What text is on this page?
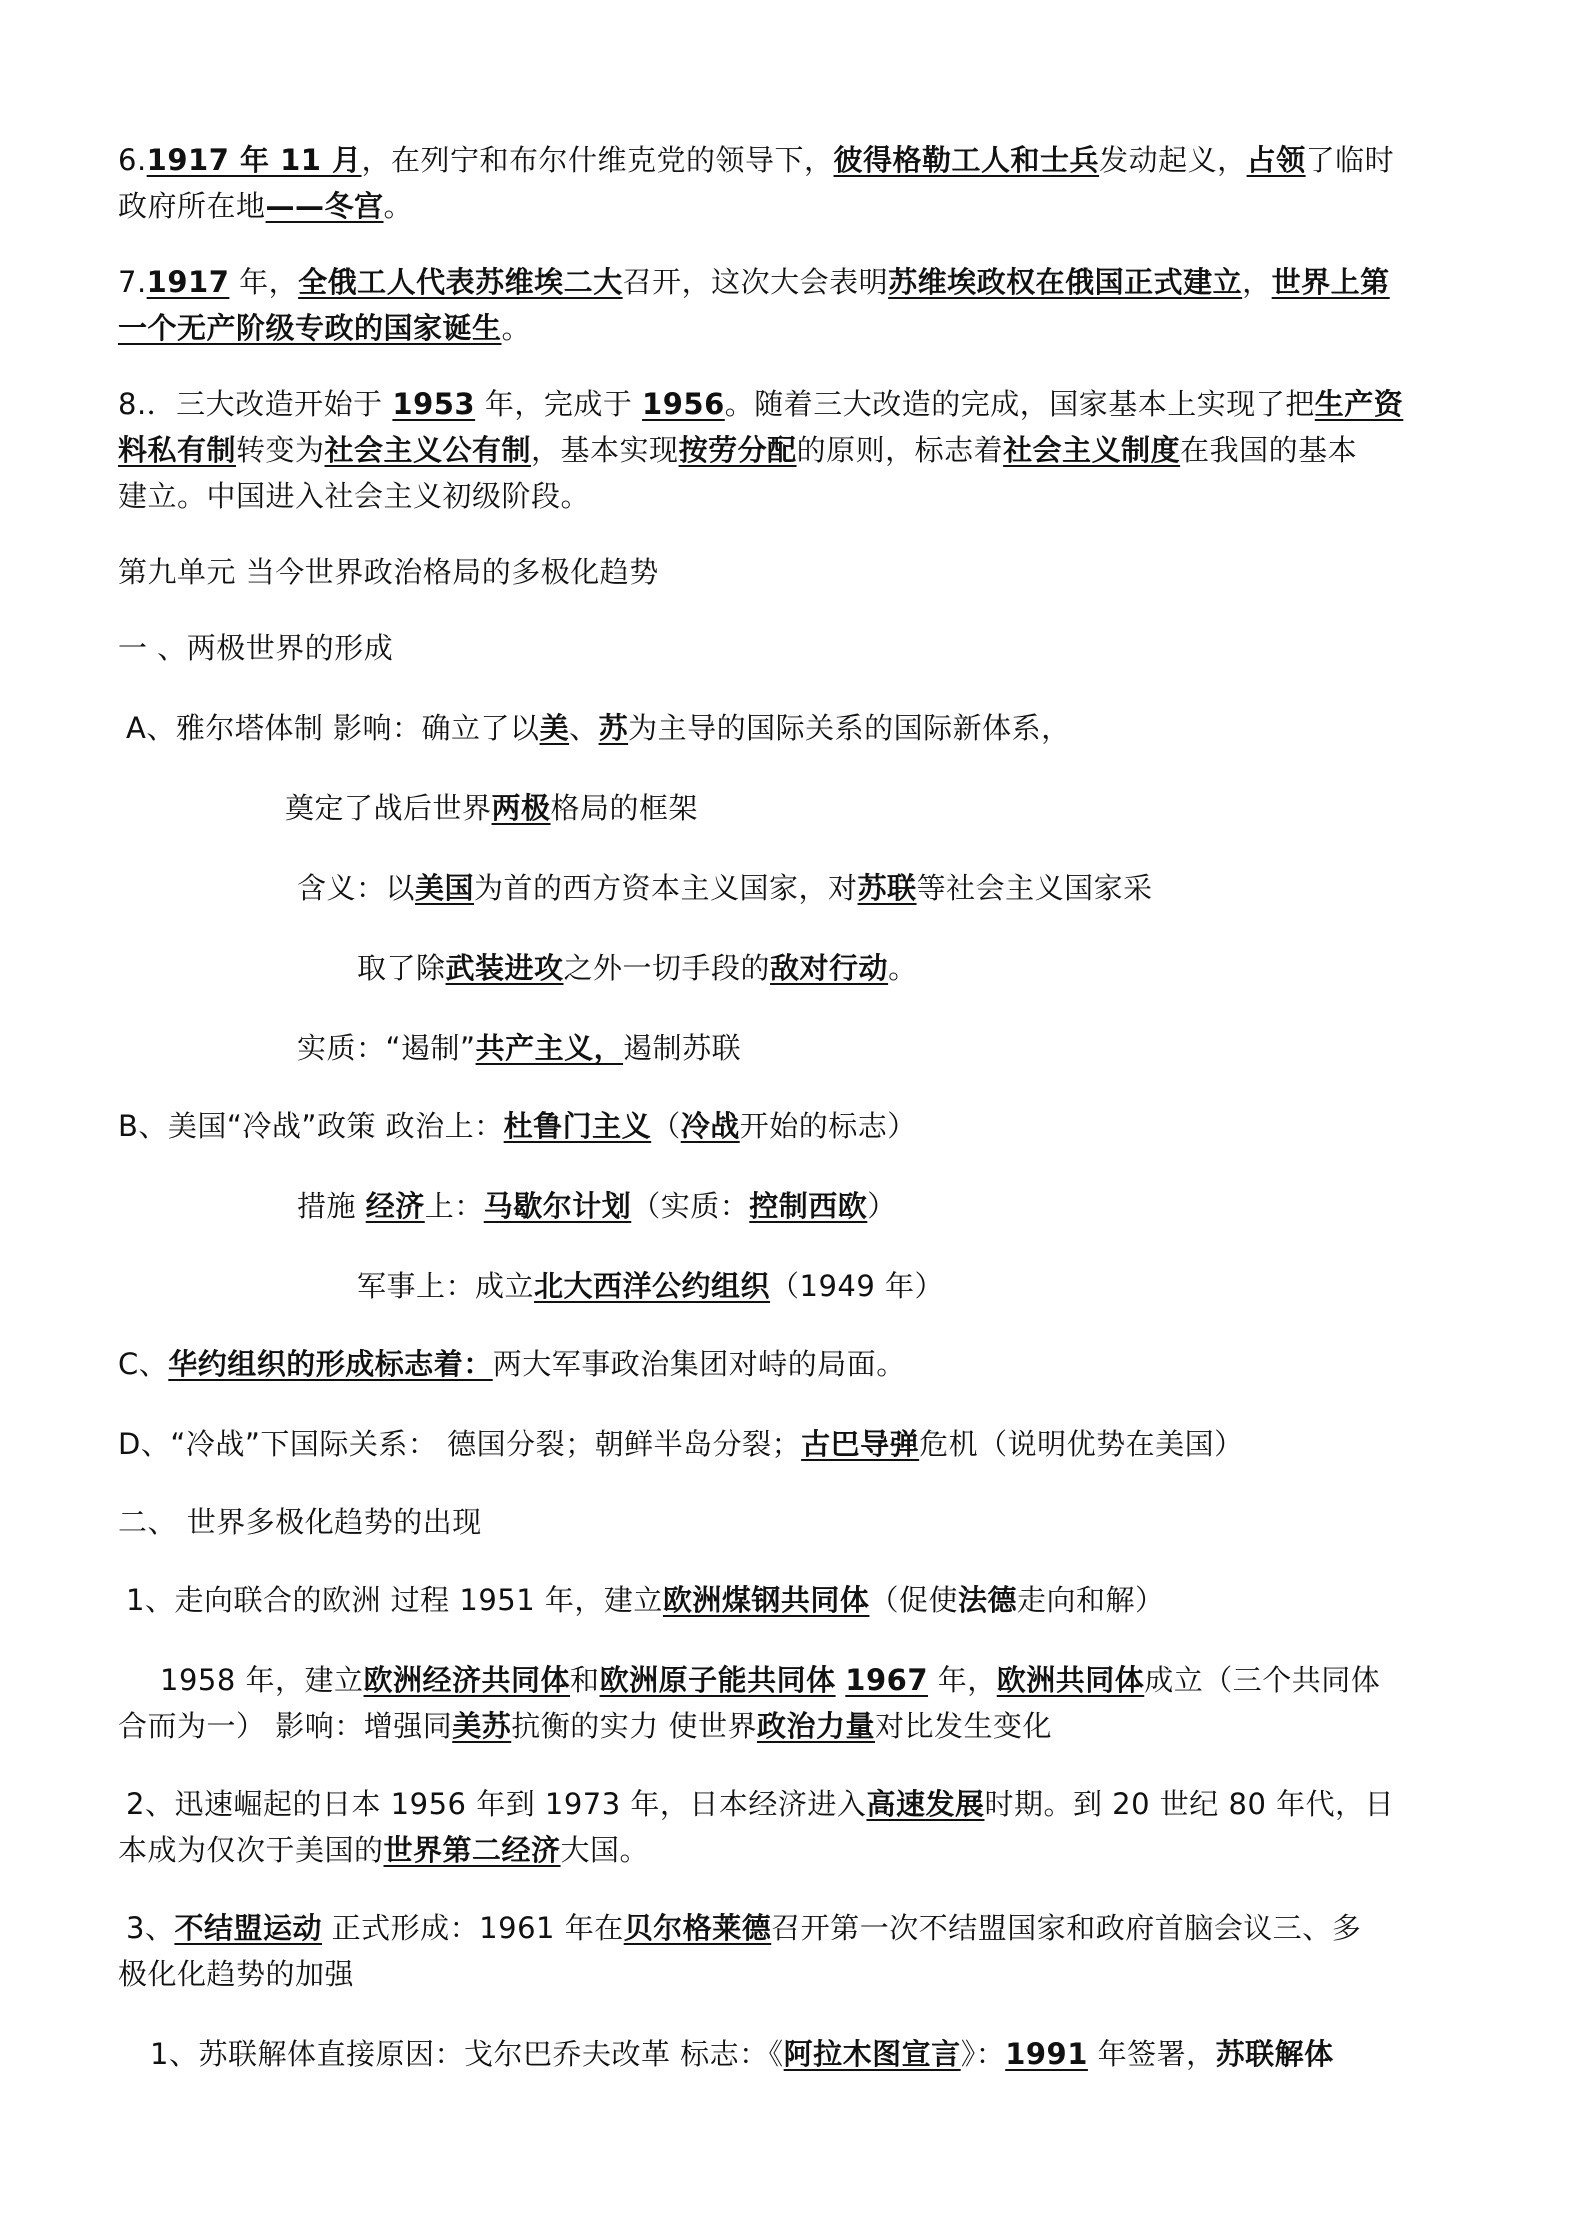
6.1917 年 11 月，在列宁和布尔什维克党的领导下，彼得格勒工人和士兵发动起义，占领了临时

政府所在地——冬宫。

7.1917 年，全俄工人代表苏维埃二大召开，这次大会表明苏维埃政权在俄国正式建立，世界上第

一个无产阶级专政的国家诞生。

8.．三大改造开始于 1953 年，完成于 1956。随着三大改造的完成，国家基本上实现了把生产资

料私有制转变为社会主义公有制，基本实现按劳分配的原则，标志着社会主义制度在我国的基本

建立。中国进入社会主义初级阶段。

第九单元 当今世界政治格局的多极化趋势

一 、两极世界的形成

A、雅尔塔体制 影响：确立了以美、苏为主导的国际关系的国际新体系，

奠定了战后世界两极格局的框架

含义：以美国为首的西方资本主义国家，对苏联等社会主义国家采

取了除武装进攻之外一切手段的敌对行动。

实质：“遏制”共产主义，遏制苏联

B、美国“冷战”政策 政治上：杜鲁门主义（冷战开始的标志）

措施 经济上：马歇尔计划（实质：控制西欧）

军事上：成立北大西洋公约组织（1949 年）

C、华约组织的形成标志着：两大军事政治集团对峙的局面。

D、“冷战”下国际关系： 德国分裂；朝鲜半岛分裂；古巴导弹危机（说明优势在美国）

二、 世界多极化趋势的出现

1、走向联合的欧洲 过程 1951 年，建立欧洲煤钢共同体（促使法德走向和解）

1958 年，建立欧洲经济共同体和欧洲原子能共同体 1967 年，欧洲共同体成立（三个共同体

合而为一） 影响：增强同美苏抗衡的实力 使世界政治力量对比发生变化

2、迅速崛起的日本 1956 年到 1973 年，日本经济进入高速发展时期。到 20 世纪 80 年代，日

本成为仅次于美国的世界第二经济大国。

3、不结盟运动 正式形成：1961 年在贝尔格莱德召开第一次不结盟国家和政府首脑会议三、多

极化化趋势的加强

1、苏联解体直接原因：戈尔巴乔夫改革 标志：《阿拉木图宣言》：1991 年签署，苏联解体
